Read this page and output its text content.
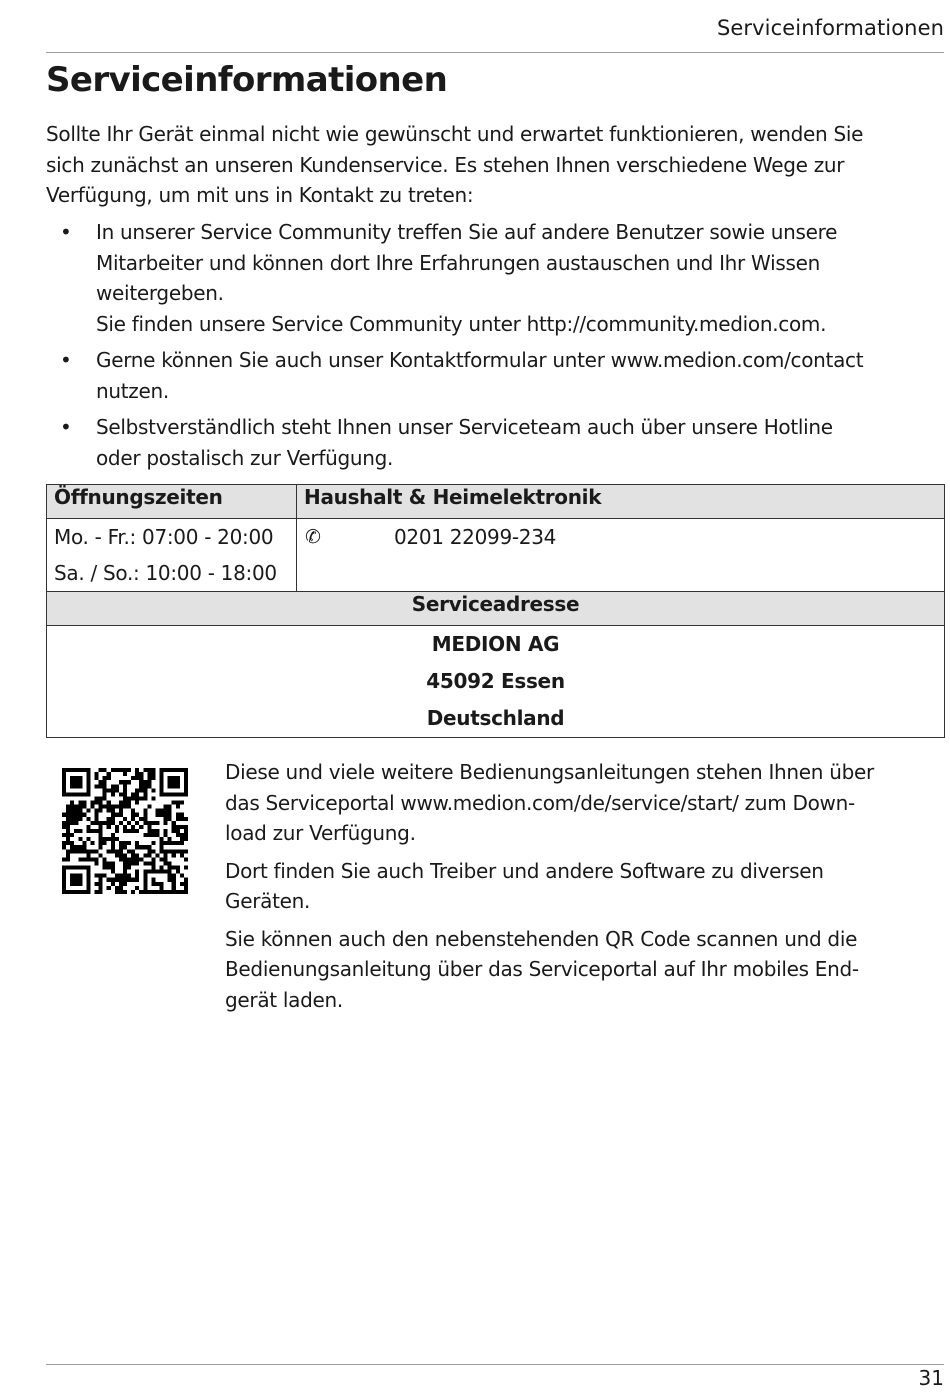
Serviceinformationen
Serviceinformationen

Sollte Ihr Gerät einmal nicht wie gewünscht und erwartet funktionieren, wenden Sie
sich zunächst an unseren Kundenservice. Es stehen Ihnen verschiedene Wege zur
Verfügung, um mit uns in Kontakt zu treten:

• In unserer Service Community treffen Sie auf andere Benutzer sowie unsere
Mitarbeiter und können dort Ihre Erfahrungen austauschen und Ihr Wissen
weitergeben.
Sie finden unsere Service Community unter http://community.medion.com.
• Gerne können Sie auch unser Kontaktformular unter www.medion.com/contact
nutzen.
• Selbstverständlich steht Ihnen unser Serviceteam auch über unsere Hotline
oder postalisch zur Verfügung.
Öffnungszeiten	Haushalt & Heimelektronik

Mo. - Fr.: 07:00 - 20:00
Sa. / So.: 10:00 - 18:00	✆ 0201 22099-234

Serviceadresse	

MEDION AG
45092 Essen
Deutschland	

Diese und viele weitere Bedienungsanleitungen stehen Ihnen über
das Serviceportal www.medion.com/de/service/start/ zum Down-
load zur Verfügung.

Dort finden Sie auch Treiber und andere Software zu diversen
Geräten.

Sie können auch den nebenstehenden QR Code scannen und die
Bedienungsanleitung über das Serviceportal auf Ihr mobiles End-
gerät laden.

31
